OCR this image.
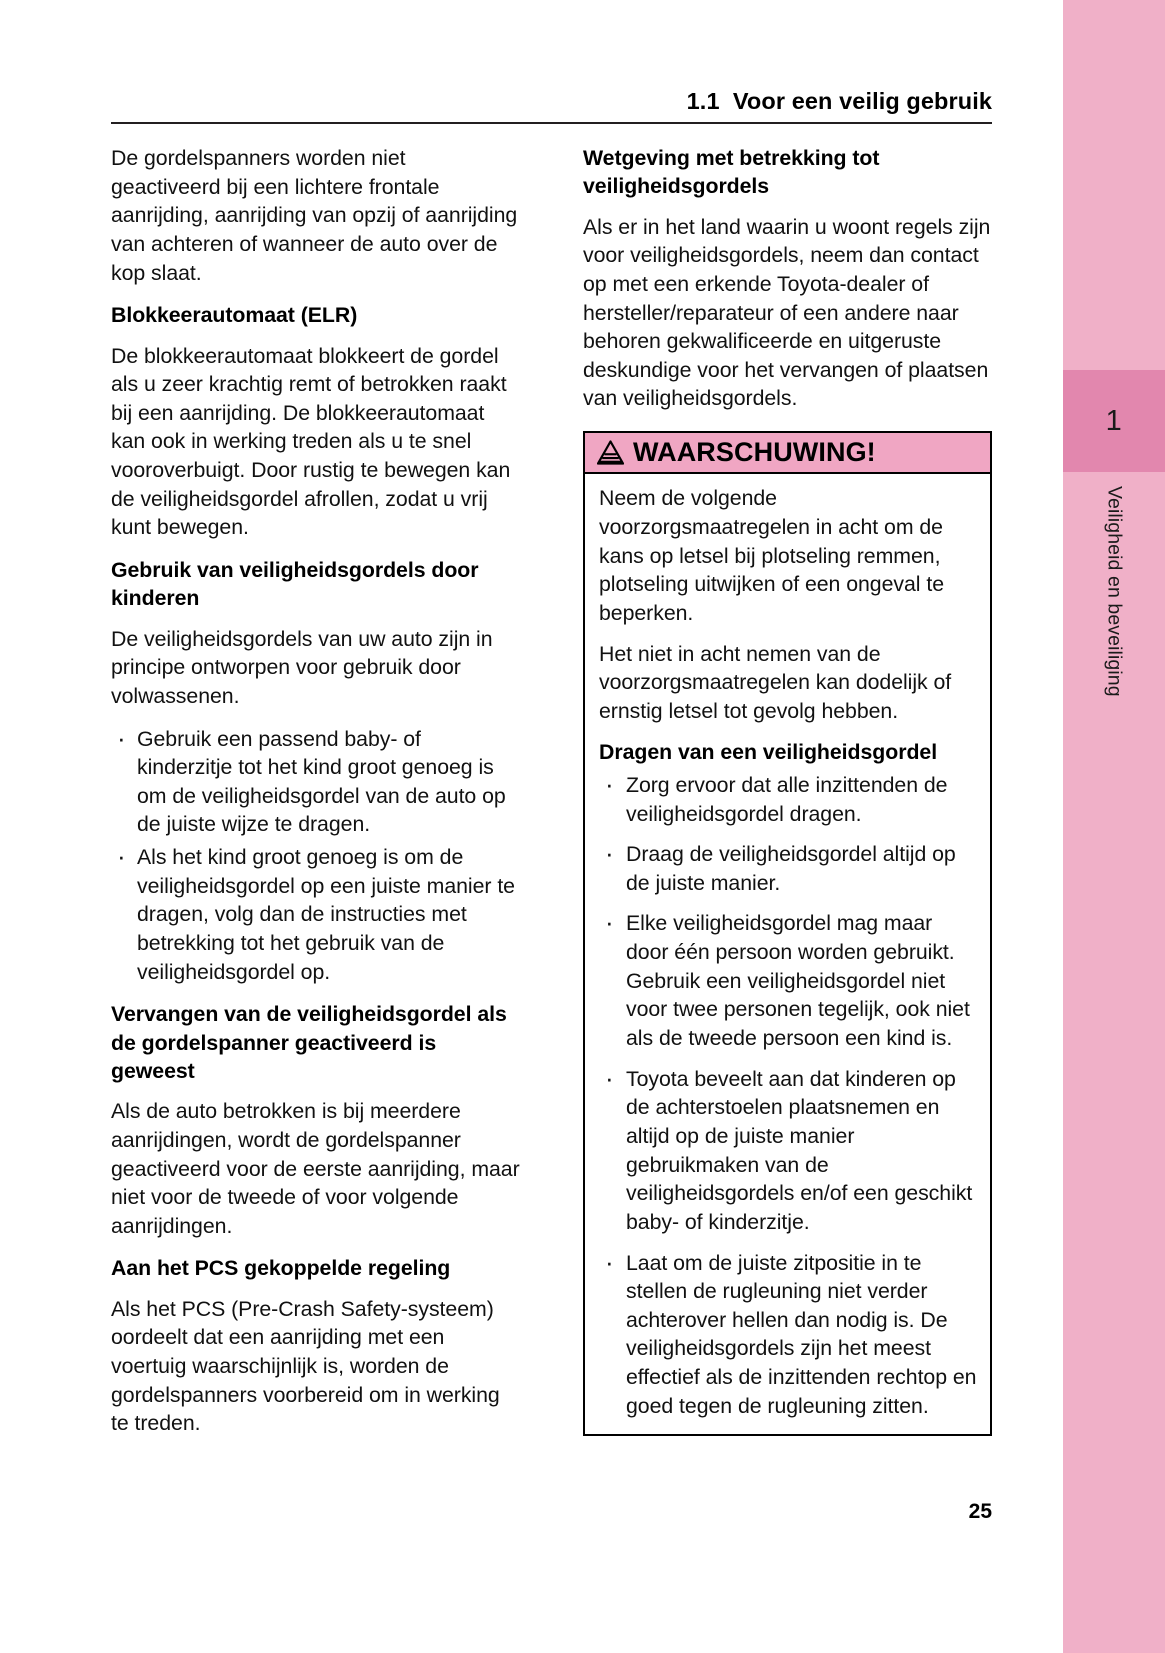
1
Veiligheid en beveiliging
1.1 Voor een veilig gebruik

De gordelspanners worden niet geactiveerd bij een lichtere frontale aanrijding, aanrijding van opzij of aanrijding van achteren of wanneer de auto over de kop slaat.

Blokkeerautomaat (ELR)

De blokkeerautomaat blokkeert de gordel als u zeer krachtig remt of betrokken raakt bij een aanrijding. De blokkeerautomaat kan ook in werking treden als u te snel vooroverbuigt. Door rustig te bewegen kan de veiligheidsgordel afrollen, zodat u vrij kunt bewegen.

Gebruik van veiligheidsgordels door kinderen

De veiligheidsgordels van uw auto zijn in principe ontworpen voor gebruik door volwassenen.

· Gebruik een passend baby- of kinderzitje tot het kind groot genoeg is om de veiligheidsgordel van de auto op de juiste wijze te dragen.
· Als het kind groot genoeg is om de veiligheidsgordel op een juiste manier te dragen, volg dan de instructies met betrekking tot het gebruik van de veiligheidsgordel op.
Vervangen van de veiligheidsgordel als de gordelspanner geactiveerd is geweest

Als de auto betrokken is bij meerdere aanrijdingen, wordt de gordelspanner geactiveerd voor de eerste aanrijding, maar niet voor de tweede of voor volgende aanrijdingen.

Aan het PCS gekoppelde regeling

Als het PCS (Pre-Crash Safety-systeem) oordeelt dat een aanrijding met een voertuig waarschijnlijk is, worden de gordelspanners voorbereid om in werking te treden.

Wetgeving met betrekking tot veiligheidsgordels

Als er in het land waarin u woont regels zijn voor veiligheidsgordels, neem dan contact op met een erkende Toyota-dealer of hersteller/reparateur of een andere naar behoren gekwalificeerde en uitgeruste deskundige voor het vervangen of plaatsen van veiligheidsgordels.

WAARSCHUWING!

Neem de volgende voorzorgsmaatregelen in acht om de kans op letsel bij plotseling remmen, plotseling uitwijken of een ongeval te beperken.

Het niet in acht nemen van de voorzorgsmaatregelen kan dodelijk of ernstig letsel tot gevolg hebben.

Dragen van een veiligheidsgordel
· Zorg ervoor dat alle inzittenden de veiligheidsgordel dragen.
· Draag de veiligheidsgordel altijd op de juiste manier.
· Elke veiligheidsgordel mag maar door één persoon worden gebruikt. Gebruik een veiligheidsgordel niet voor twee personen tegelijk, ook niet als de tweede persoon een kind is.
· Toyota beveelt aan dat kinderen op de achterstoelen plaatsnemen en altijd op de juiste manier gebruikmaken van de veiligheidsgordels en/of een geschikt baby- of kinderzitje.
· Laat om de juiste zitpositie in te stellen de rugleuning niet verder achterover hellen dan nodig is. De veiligheidsgordels zijn het meest effectief als de inzittenden rechtop en goed tegen de rugleuning zitten.
25
